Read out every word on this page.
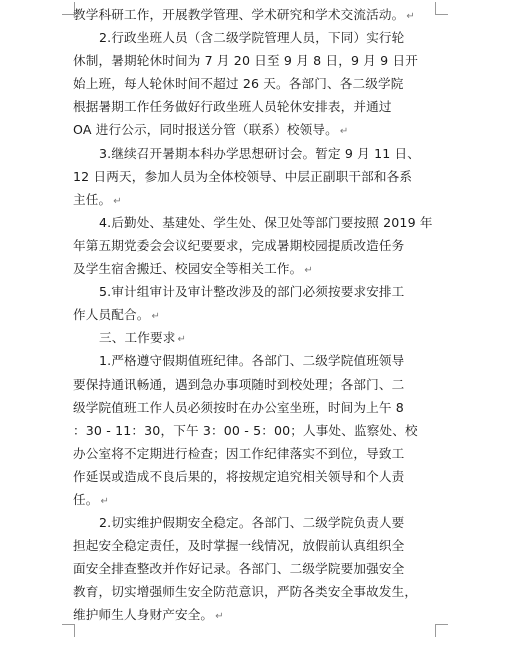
教学科研工作，开展教学管理、学术研究和学术交流活动。 ↵
2.行政坐班人员（含二级学院管理人员，下同）实行轮
休制，暑期轮休时间为 7 月 20 日至 9 月 8 日，9 月 9 日开
始上班，每人轮休时间不超过 26 天。各部门、各二级学院
根据暑期工作任务做好行政坐班人员轮休安排表，并通过
OA 进行公示，同时报送分管（联系）校领导。 ↵
3.继续召开暑期本科办学思想研讨会。暂定 9 月 11 日、
12 日两天，参加人员为全体校领导、中层正副职干部和各系
主任。 ↵
4.后勤处、基建处、学生处、保卫处等部门要按照 2019 年
年第五期党委会会议纪要要求，完成暑期校园提质改造任务
及学生宿舍搬迁、校园安全等相关工作。 ↵
5.审计组审计及审计整改涉及的部门必须按要求安排工
作人员配合。 ↵
三、工作要求 ↵
1.严格遵守假期值班纪律。各部门、二级学院值班领导
要保持通讯畅通，遇到急办事项随时到校处理；各部门、二
级学院值班工作人员必须按时在办公室坐班，时间为上午 8
：30 - 11：30，下午 3：00 - 5：00；人事处、监察处、校
办公室将不定期进行检查；因工作纪律落实不到位，导致工
作延误或造成不良后果的，将按规定追究相关领导和个人责
任。 ↵
2.切实维护假期安全稳定。各部门、二级学院负责人要
担起安全稳定责任，及时掌握一线情况，放假前认真组织全
面安全排查整改并作好记录。各部门、二级学院要加强安全
教育，切实增强师生安全防范意识，严防各类安全事故发生，
维护师生人身财产安全。 ↵
